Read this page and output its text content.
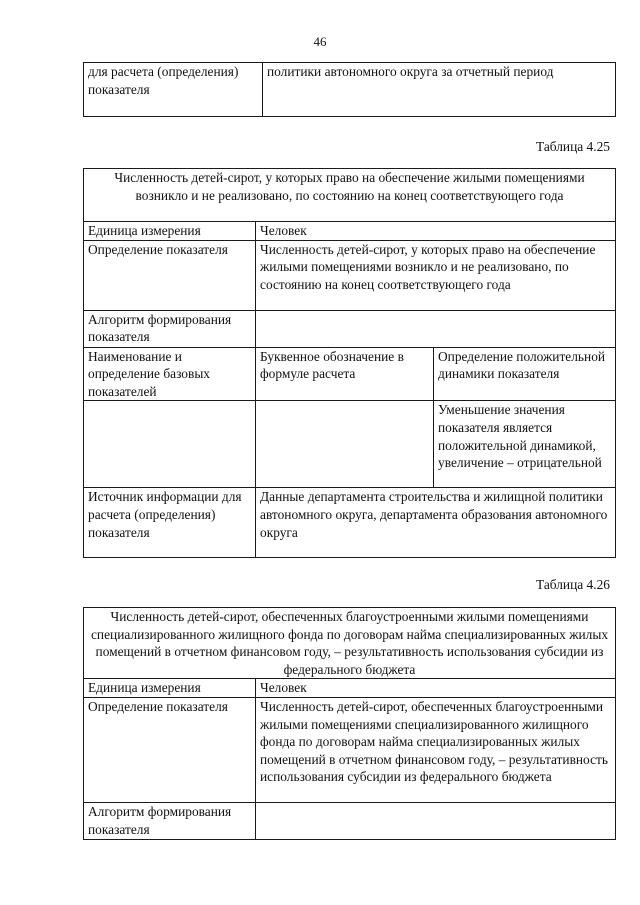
46
для расчета (определения) показателя	политики автономного округа за отчетный период
Таблица 4.25
Численность детей-сирот, у которых право на обеспечение жилыми помещениями возникло и не реализовано, по состоянию на конец соответствующего года		
Единица измерения	Человек	
Определение показателя	Численность детей-сирот, у которых право на обеспечение жилыми помещениями возникло и не реализовано, по состоянию на конец соответствующего года	
Алгоритм формирования показателя		
Наименование и определение базовых показателей	Буквенное обозначение в формуле расчета	Определение положительной динамики показателя
		Уменьшение значения показателя является положительной динамикой, увеличение – отрицательной
Источник информации для расчета (определения) показателя	Данные департамента строительства и жилищной политики автономного округа, департамента образования автономного округа	
Таблица 4.26
Численность детей-сирот, обеспеченных благоустроенными жилыми помещениями специализированного жилищного фонда по договорам найма специализированных жилых помещений в отчетном финансовом году, – результативность использования субсидии из федерального бюджета	
Единица измерения	Человек
Определение показателя	Численность детей-сирот, обеспеченных благоустроенными жилыми помещениями специализированного жилищного фонда по договорам найма специализированных жилых помещений в отчетном финансовом году, – результативность использования субсидии из федерального бюджета
Алгоритм формирования показателя	
